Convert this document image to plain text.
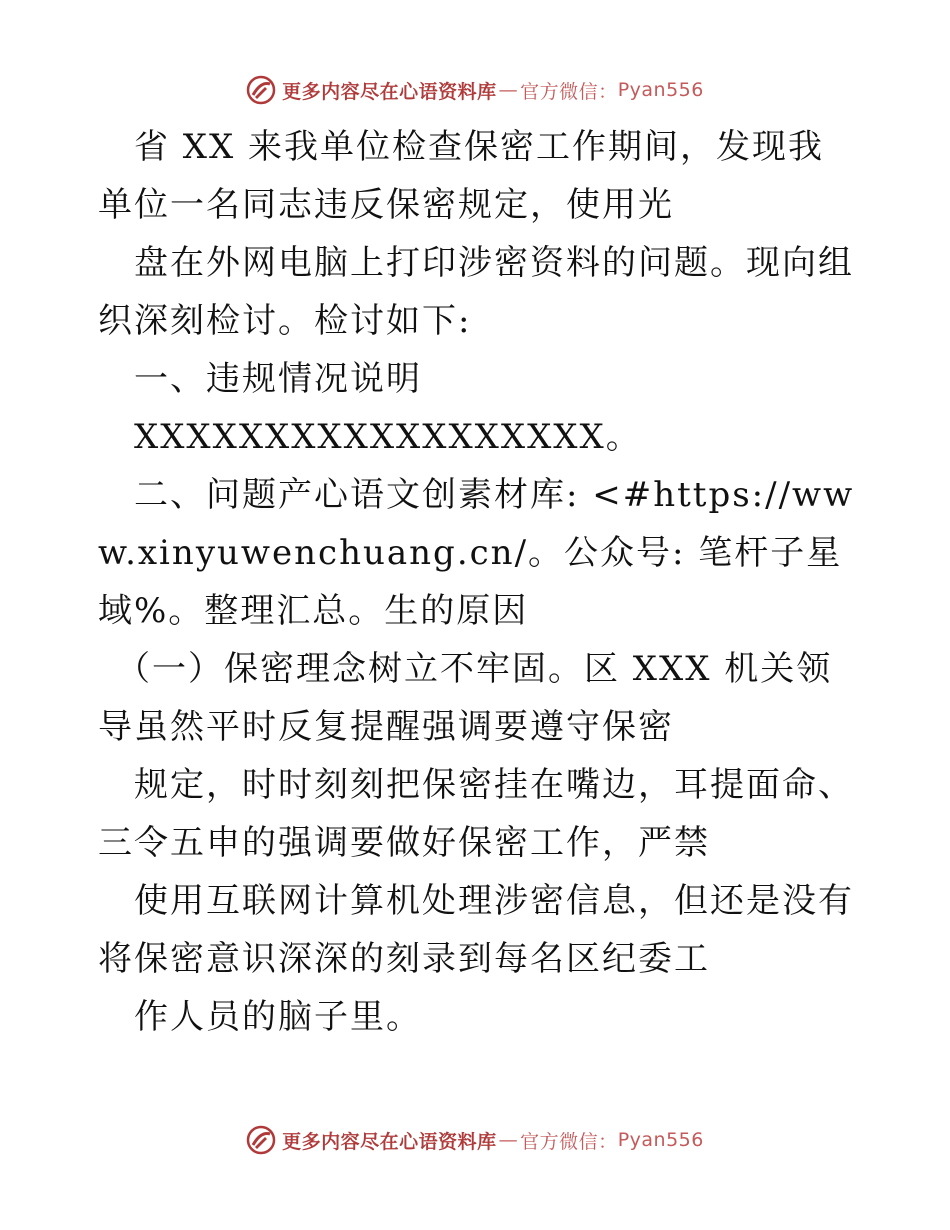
更多内容尽在心语资料库 — 官方微信： Pyan556

省 XX 来我单位检查保密工作期间，发现我单位一名同志违反保密规定，使用光

盘在外网电脑上打印涉密资料的问题。现向组织深刻检讨。检讨如下:

一、违规情况说明

XXXXXXXXXXXXXXXXXX。

二、问题产心语文创素材库: <#https://www.xinyuwenchuang.cn/。公众号: 笔杆子星域%。整理汇总。生的原因

（一）保密理念树立不牢固。区 XXX 机关领导虽然平时反复提醒强调要遵守保密

规定，时时刻刻把保密挂在嘴边，耳提面命、三令五申的强调要做好保密工作，严禁

使用互联网计算机处理涉密信息，但还是没有将保密意识深深的刻录到每名区纪委工

作人员的脑子里。

更多内容尽在心语资料库 — 官方微信： Pyan556
